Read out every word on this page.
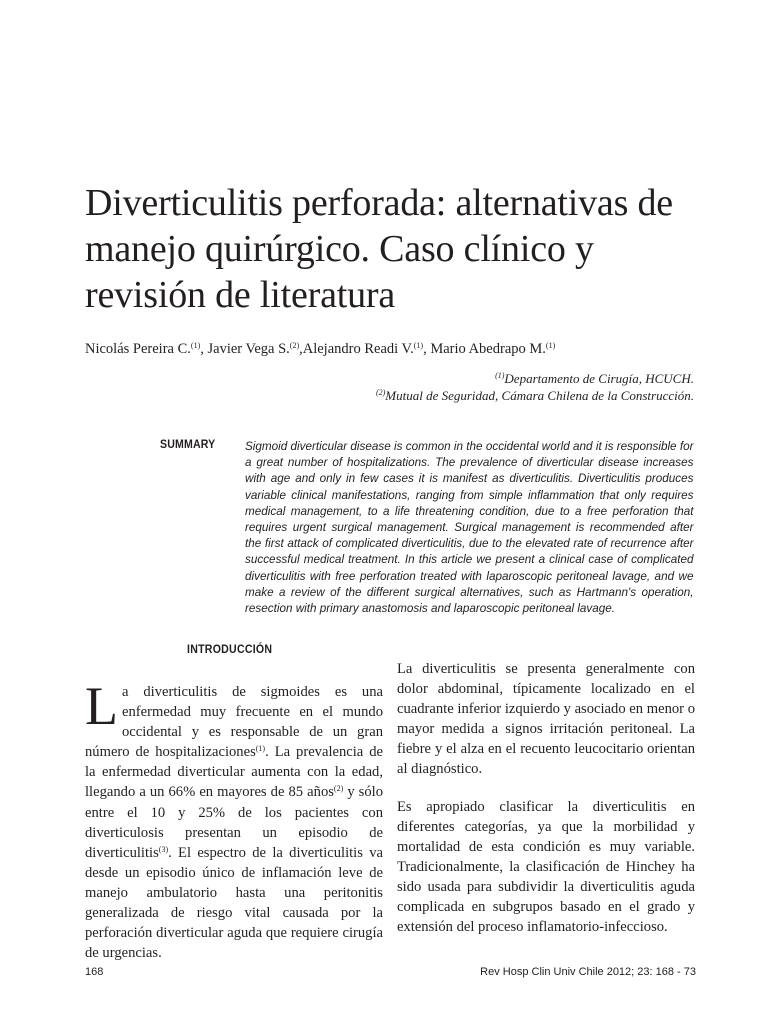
Diverticulitis perforada: alternativas de manejo quirúrgico. Caso clínico y revisión de literatura
Nicolás Pereira C.$^{(1)}$, Javier Vega S.$^{(2)}$,Alejandro Readi V.$^{(1)}$, Mario Abedrapo M.$^{(1)}$
$^{(1)}$Departamento de Cirugía, HCUCH.
$^{(2)}$Mutual de Seguridad, Cámara Chilena de la Construcción.
SUMMARY Sigmoid diverticular disease is common in the occidental world and it is responsible for a great number of hospitalizations. The prevalence of diverticular disease increases with age and only in few cases it is manifest as diverticulitis. Diverticulitis produces variable clinical manifestations, ranging from simple inflammation that only requires medical management, to a life threatening condition, due to a free perforation that requires urgent surgical management. Surgical management is recommended after the first attack of complicated diverticulitis, due to the elevated rate of recurrence after successful medical treatment. In this article we present a clinical case of complicated diverticulitis with free perforation treated with laparoscopic peritoneal lavage, and we make a review of the different surgical alternatives, such as Hartmann's operation, resection with primary anastomosis and laparoscopic peritoneal lavage.

INTRODUCCIÓN

La diverticulitis de sigmoides es una enfermedad muy frecuente en el mundo occidental y es responsable de un gran número de hospitalizaciones$^{(1)}$. La prevalencia de la enfermedad diverticular aumenta con la edad, llegando a un 66% en mayores de 85 años$^{(2)}$ y sólo entre el 10 y 25% de los pacientes con diverticulosis presentan un episodio de diverticulitis$^{(3)}$. El espectro de la diverticulitis va desde un episodio único de inflamación leve de manejo ambulatorio hasta una peritonitis generalizada de riesgo vital causada por la perforación diverticular aguda que requiere cirugía de urgencias.

La diverticulitis se presenta generalmente con dolor abdominal, típicamente localizado en el cuadrante inferior izquierdo y asociado en menor o mayor medida a signos irritación peritoneal. La fiebre y el alza en el recuento leucocitario orientan al diagnóstico.

Es apropiado clasificar la diverticulitis en diferentes categorías, ya que la morbilidad y mortalidad de esta condición es muy variable. Tradicionalmente, la clasificación de Hinchey ha sido usada para subdividir la diverticulitis aguda complicada en subgrupos basado en el grado y extensión del proceso inflamatorio-infeccioso.

168	Rev Hosp Clin Univ Chile 2012; 23: 168 - 73
